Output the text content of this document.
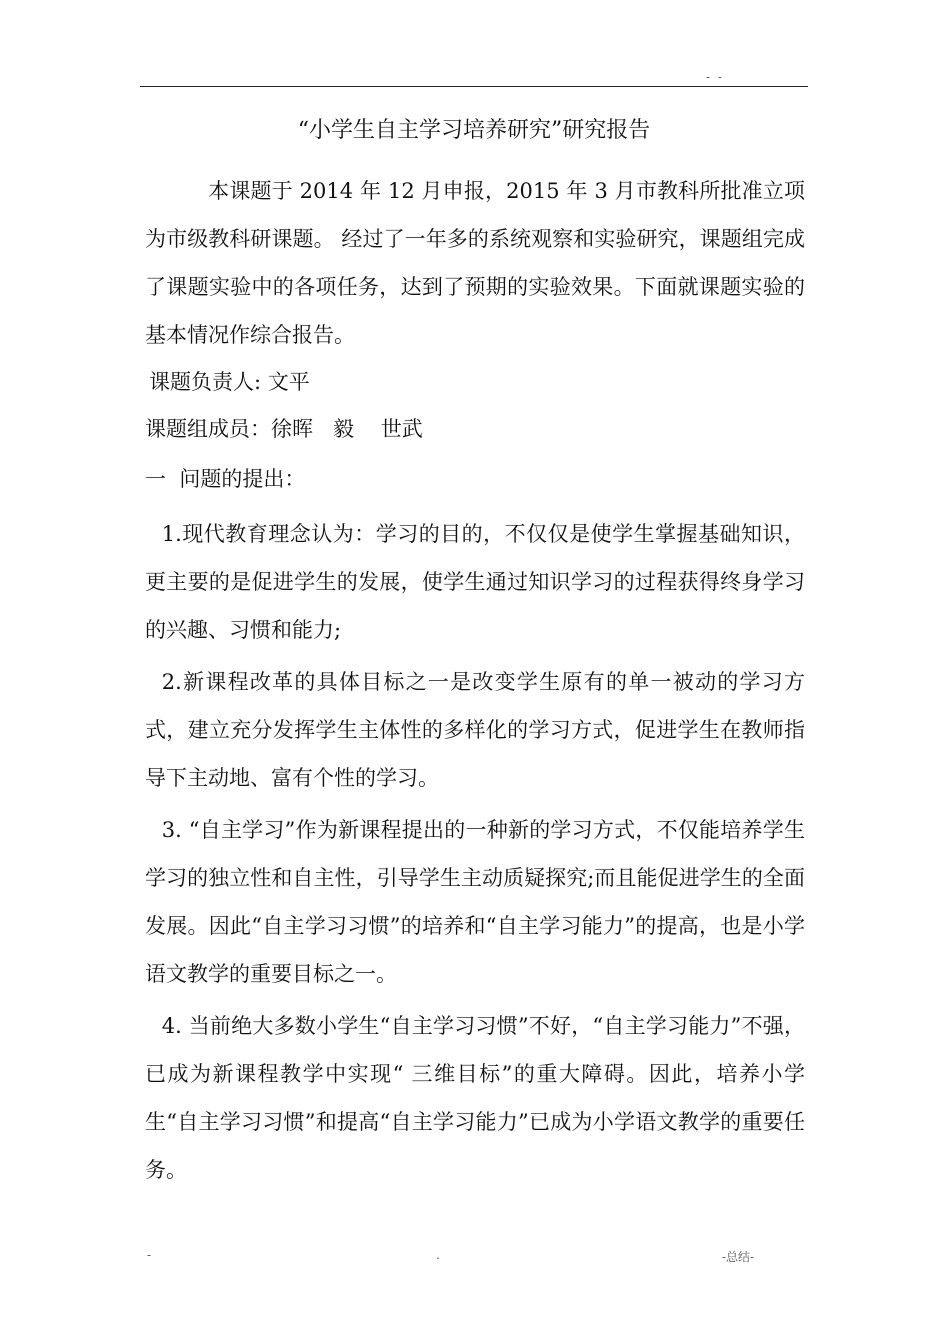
- -
“小学生自主学习培养研究”研究报告
　本课题于 2014 年 12 月申报，2015 年 3 月市教科所批准立项为市级教科研课题。 经过了一年多的系统观察和实验研究，课题组完成了课题实验中的各项任务，达到了预期的实验效果。下面就课题实验的基本情况作综合报告。
课题负责人: 文平
课题组成员：徐晖   毅    世武
一  问题的提出：
1.现代教育理念认为：学习的目的，不仅仅是使学生掌握基础知识，更主要的是促进学生的发展，使学生通过知识学习的过程获得终身学习的兴趣、习惯和能力;
2.新课程改革的具体目标之一是改变学生原有的单一被动的学习方式，建立充分发挥学生主体性的多样化的学习方式，促进学生在教师指导下主动地、富有个性的学习。
3. “自主学习”作为新课程提出的一种新的学习方式，不仅能培养学生学习的独立性和自主性，引导学生主动质疑探究;而且能促进学生的全面发展。因此“自主学习习惯”的培养和“自主学习能力”的提高，也是小学语文教学的重要目标之一。
4. 当前绝大多数小学生“自主学习习惯”不好，“自主学习能力”不强，已成为新课程教学中实现“ 三维目标”的重大障碍。因此，培养小学生“自主学习习惯”和提高“自主学习能力”已成为小学语文教学的重要任务。
-	.	-总结-
